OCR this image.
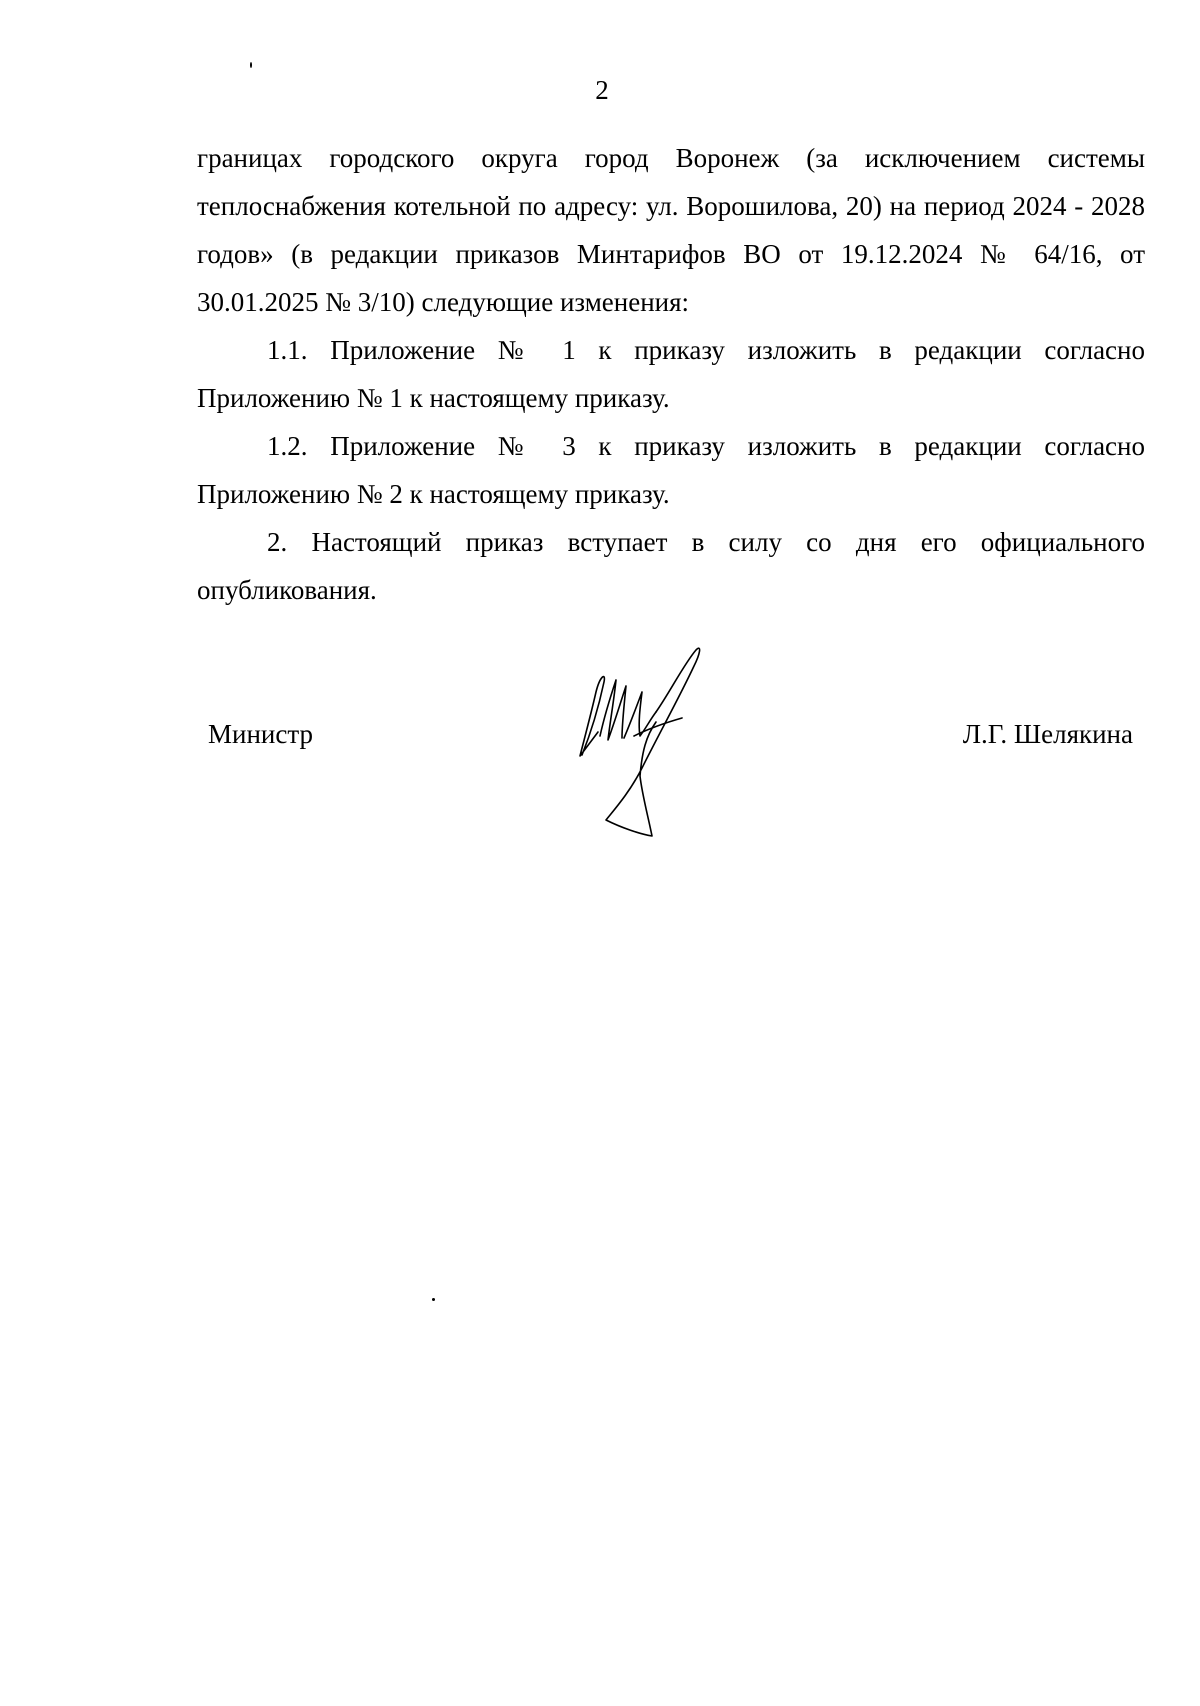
2

границах городского округа город Воронеж (за исключением системы теплоснабжения котельной по адресу: ул. Ворошилова, 20) на период 2024 - 2028 годов» (в редакции приказов Минтарифов ВО от 19.12.2024 № 64/16, от 30.01.2025 № 3/10) следующие изменения:

1.1. Приложение № 1 к приказу изложить в редакции согласно Приложению № 1 к настоящему приказу.

1.2. Приложение № 3 к приказу изложить в редакции согласно Приложению № 2 к настоящему приказу.

2. Настоящий приказ вступает в силу со дня его официального опубликования.

Министр	Л.Г. Шелякина
